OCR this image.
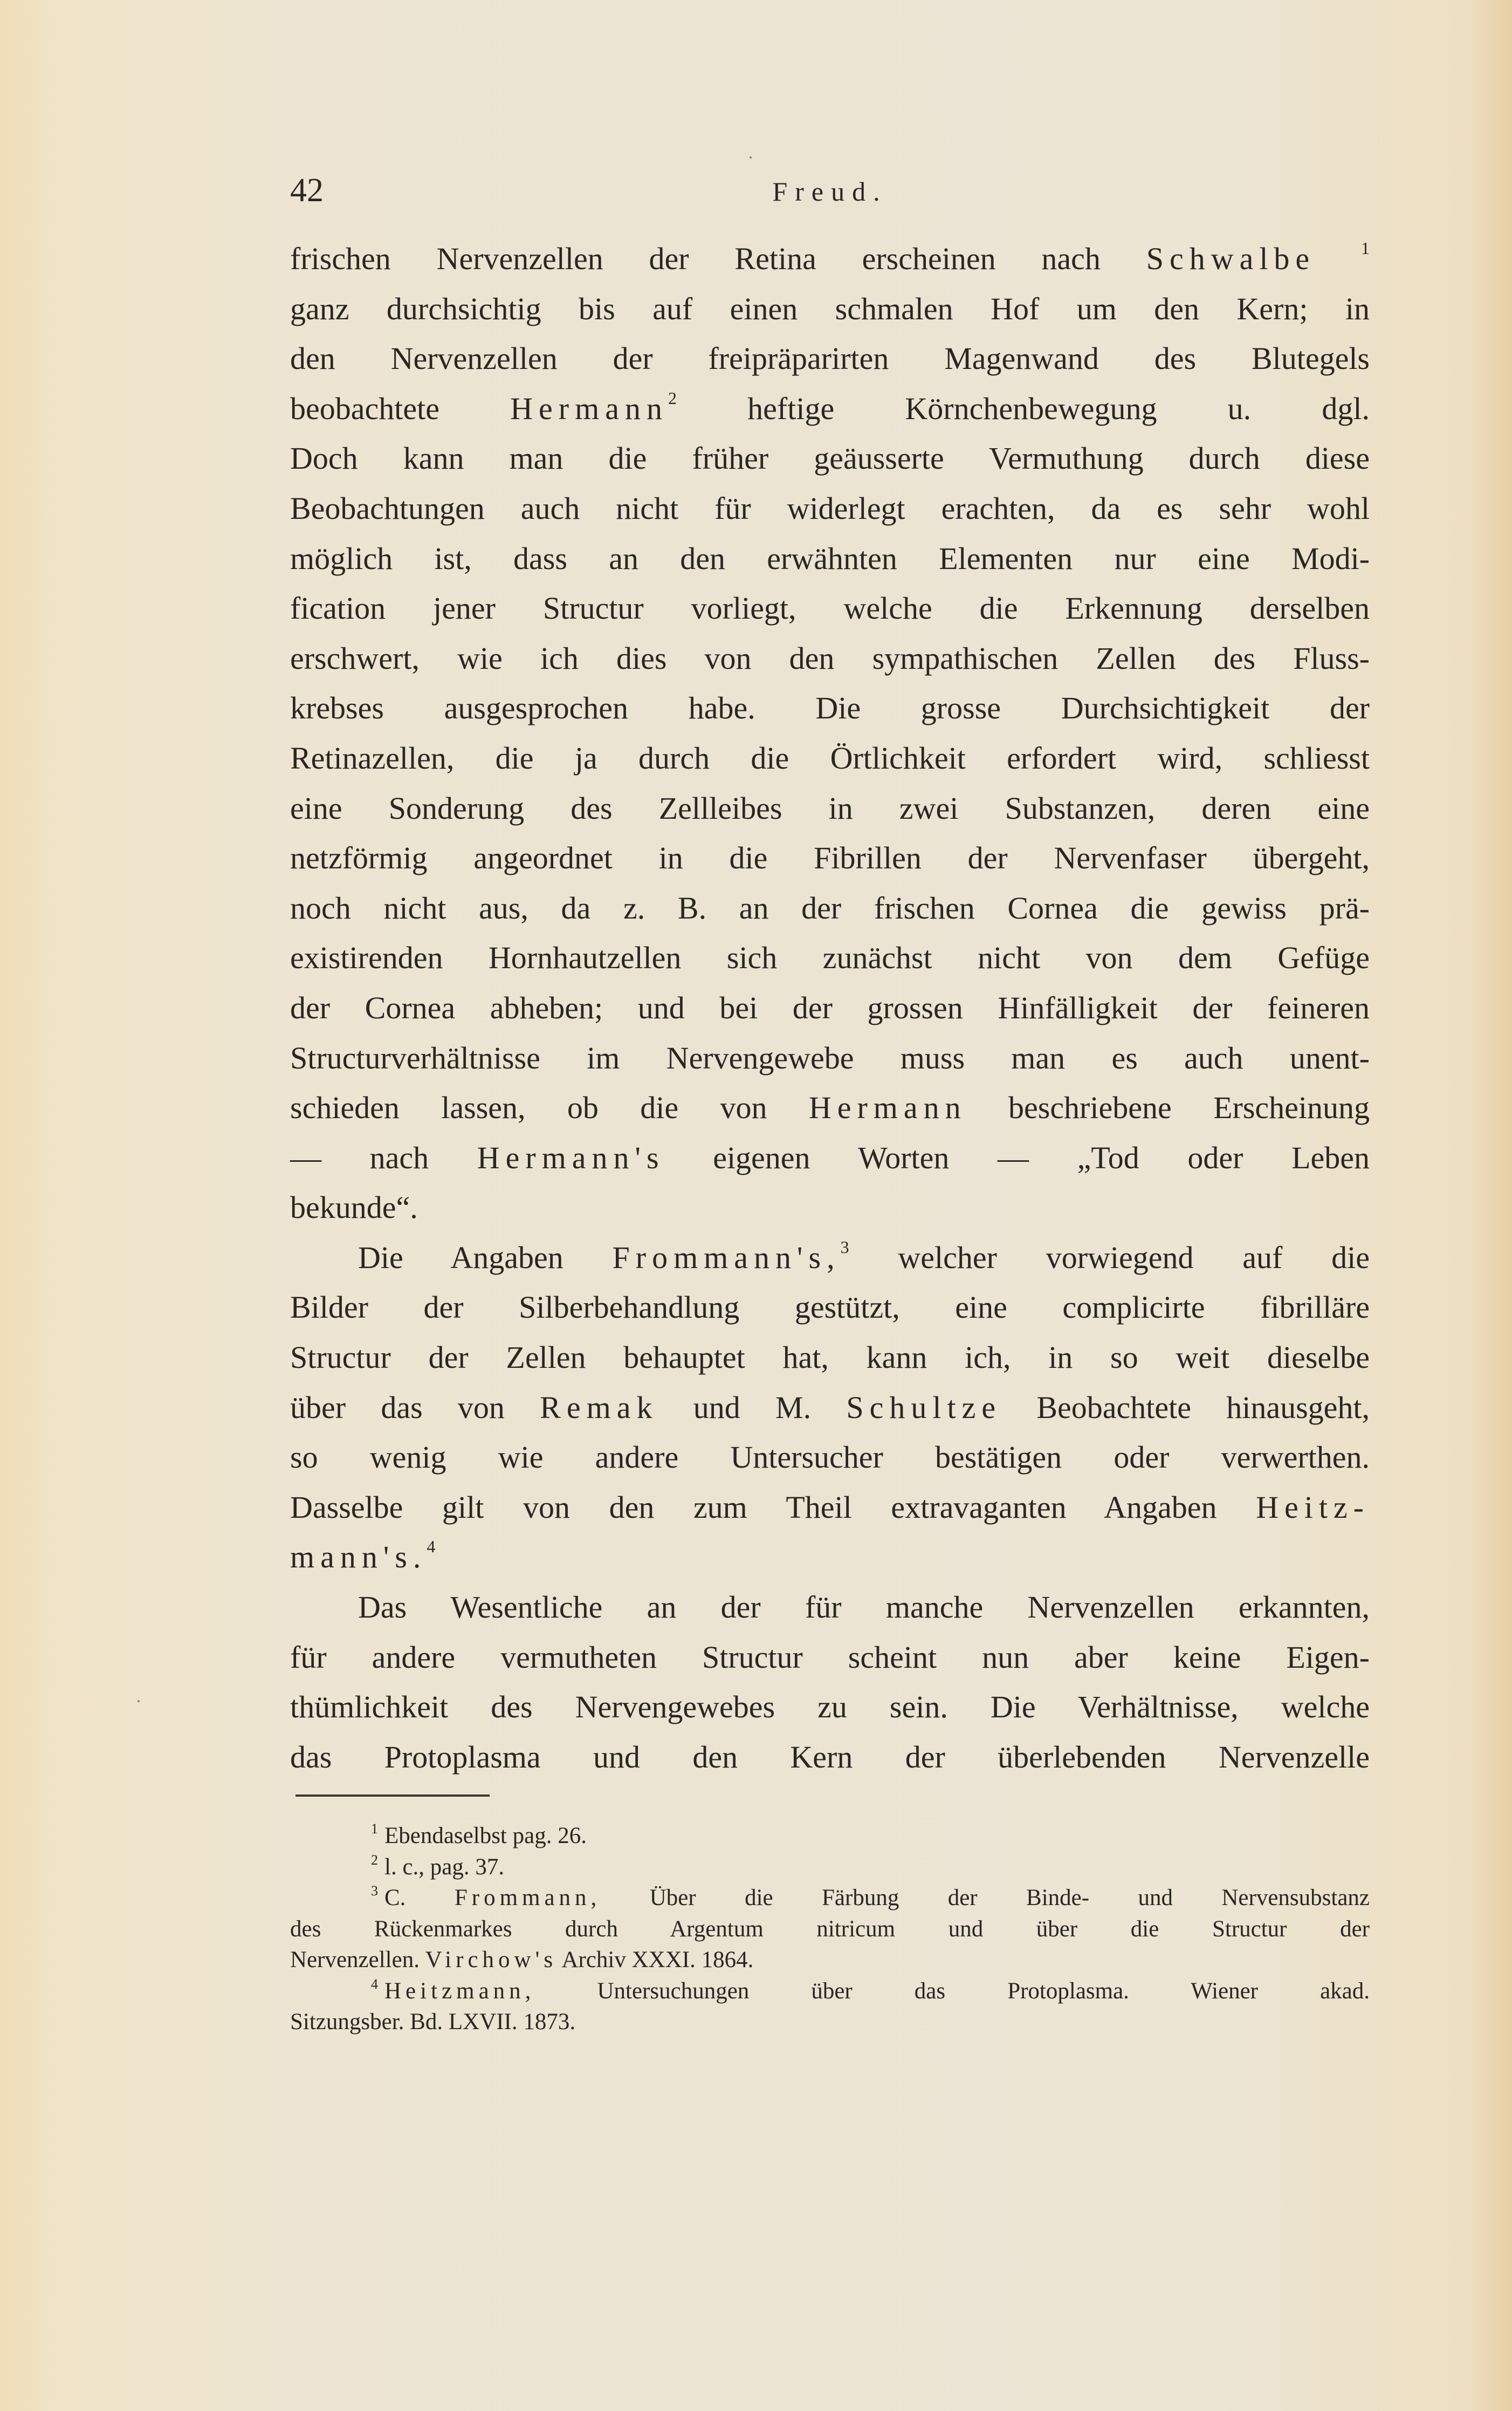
42	Freud.
frischen Nervenzellen der Retina erscheinen nach Schwalbe	$^1$
ganz durchsichtig bis auf einen schmalen Hof um den Kern; in
den Nervenzellen der freipräparirten Magenwand des Blutegels
beobachtete Hermann$^2$ heftige Körnchenbewegung u. dgl.
Doch kann man die früher geäusserte Vermuthung durch diese
Beobachtungen auch nicht für widerlegt erachten, da es sehr wohl
möglich ist, dass an den erwähnten Elementen nur eine Modi-
fication jener Structur vorliegt, welche die Erkennung derselben
erschwert, wie ich dies von den sympathischen Zellen des Fluss-
krebses ausgesprochen habe. Die grosse Durchsichtigkeit der
Retinazellen, die ja durch die Örtlichkeit erfordert wird, schliesst
eine Sonderung des Zellleibes in zwei Substanzen, deren eine
netzförmig angeordnet in die Fibrillen der Nervenfaser übergeht,
noch nicht aus, da z. B. an der frischen Cornea die gewiss prä-
existirenden Hornhautzellen sich zunächst nicht von dem Gefüge
der Cornea abheben; und bei der grossen Hinfälligkeit der feineren
Structurverhältnisse im Nervengewebe muss man es auch unent-
schieden lassen, ob die von Hermann beschriebene Erscheinung
— nach Hermann's eigenen Worten — „Tod oder Leben
bekunde“.
Die Angaben Frommann's,$^3$ welcher vorwiegend auf die
Bilder der Silberbehandlung gestützt, eine complicirte fibrilläre
Structur der Zellen behauptet hat, kann ich, in so weit dieselbe
über das von Remak und M. Schultze Beobachtete hinausgeht,
so wenig wie andere Untersucher bestätigen oder verwerthen.
Dasselbe gilt von den zum Theil extravaganten Angaben Heitz-
mann's.$^4$
Das Wesentliche an der für manche Nervenzellen erkannten,
für andere vermutheten Structur scheint nun aber keine Eigen-
thümlichkeit des Nervengewebes zu sein. Die Verhältnisse, welche
das Protoplasma und den Kern der überlebenden Nervenzelle
$^1$ Ebendaselbst pag. 26.
$^2$ l. c., pag. 37.
$^3$ C. Frommann, Über die Färbung der Binde- und Nervensubstanz
des Rückenmarkes durch Argentum nitricum und über die Structur der
Nervenzellen. Virchow's Archiv XXXI. 1864.
$^4$ Heitzmann, Untersuchungen über das Protoplasma. Wiener akad.
Sitzungsber. Bd. LXVII. 1873.
